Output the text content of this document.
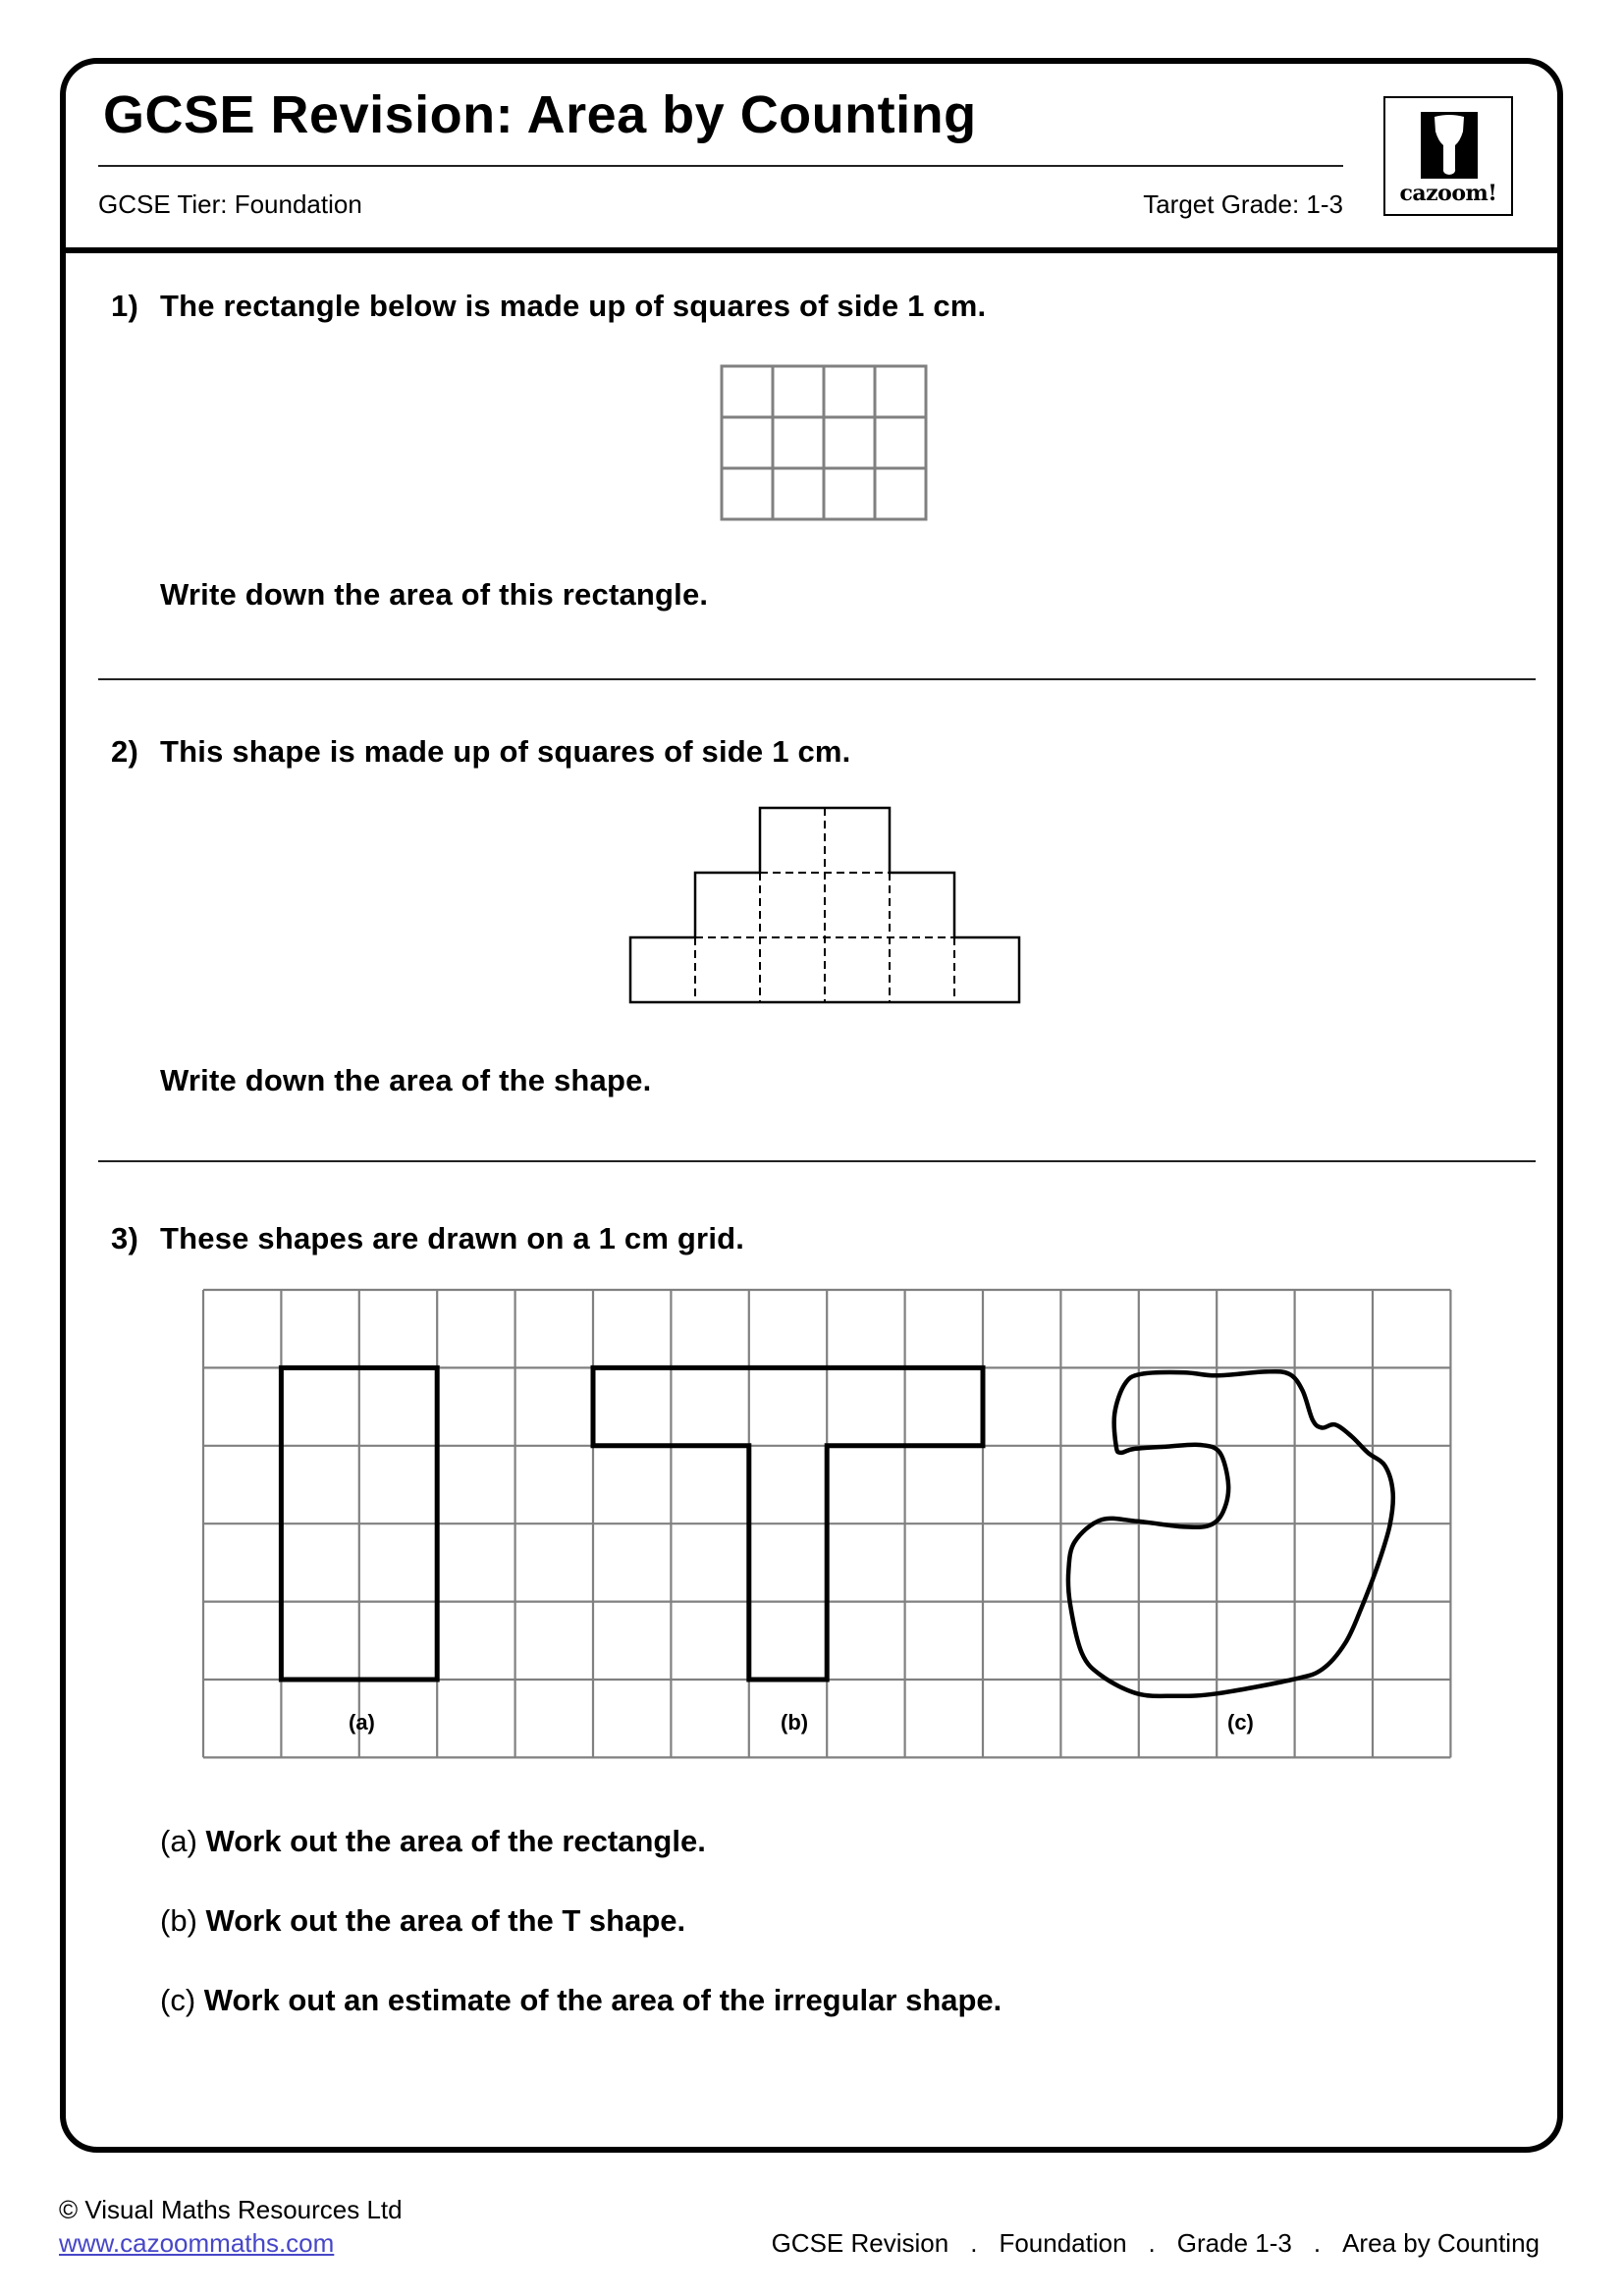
GCSE Revision: Area by Counting
GCSE Tier: Foundation	Target Grade: 1-3	cazoom!
1) The rectangle below is made up of squares of side 1 cm.
Write down the area of this rectangle.
2) This shape is made up of squares of side 1 cm.
Write down the area of the shape.
3) These shapes are drawn on a 1 cm grid.
(a)	(b)	(c)
(a) Work out the area of the rectangle.
(b) Work out the area of the T shape.
(c) Work out an estimate of the area of the irregular shape.
© Visual Maths Resources Ltd
www.cazoommaths.com	GCSE Revision . Foundation . Grade 1-3 . Area by Counting
